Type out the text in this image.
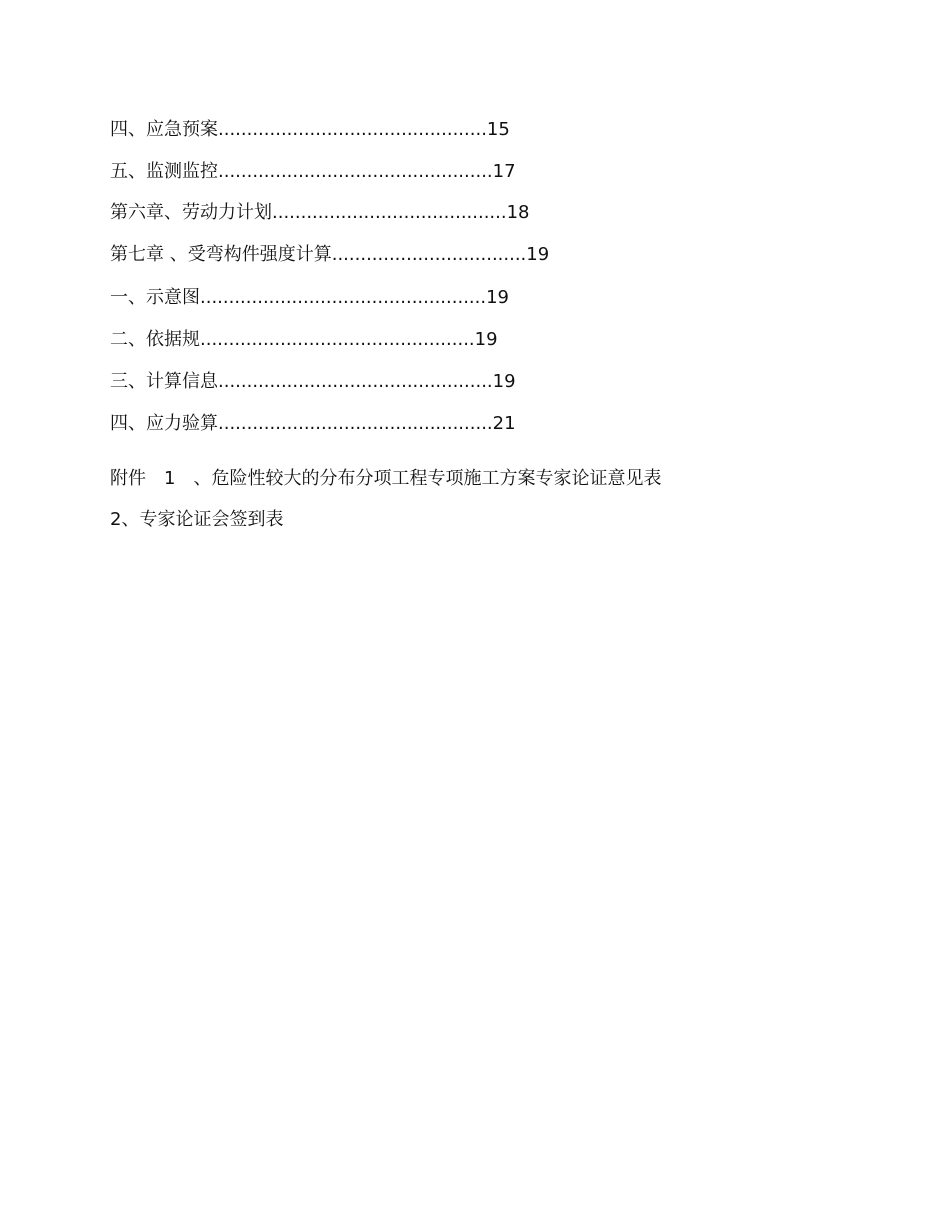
四、应急预案...............................................15
五、监测监控................................................17
第六章、劳动力计划.........................................18
第七章 、受弯构件强度计算..................................19
一、示意图..................................................19
二、依据规................................................19
三、计算信息................................................19
四、应力验算................................................21
附件　1　、危险性较大的分布分项工程专项施工方案专家论证意见表
2、专家论证会签到表
